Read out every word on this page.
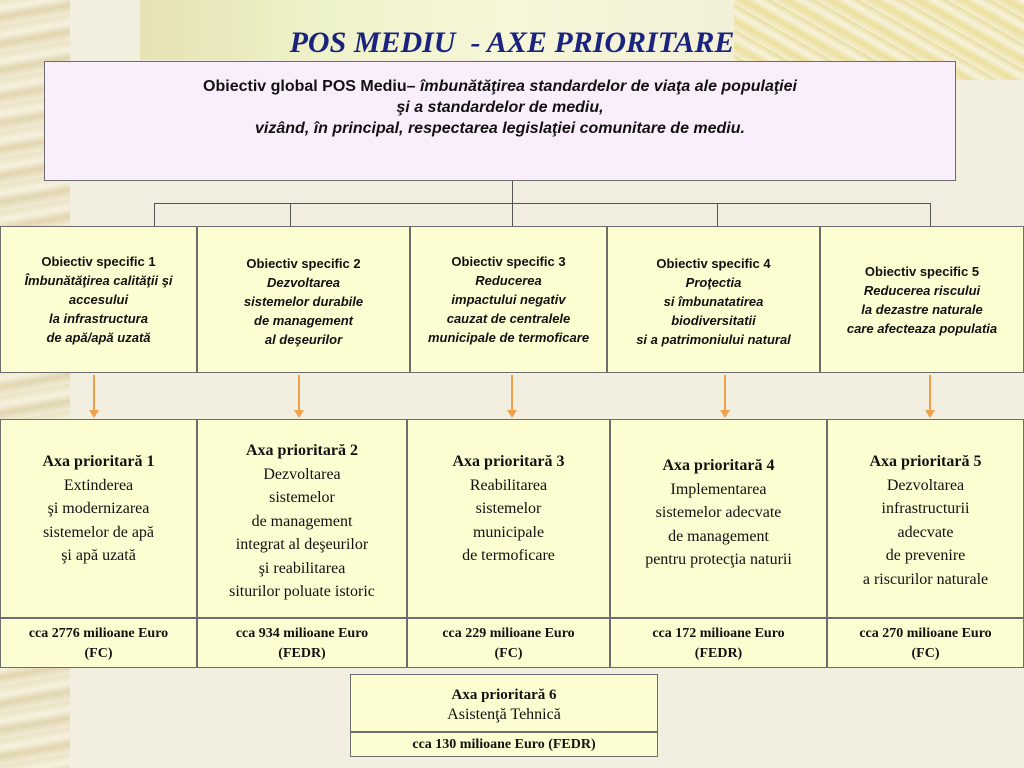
POS MEDIU  - AXE PRIORITARE
Obiectiv global POS Mediu– îmbunătăţirea standardelor de viaţa ale populaţiei
şi a standardelor de mediu,
vizând, în principal, respectarea legislaţiei comunitare de mediu.
Obiectiv specific 1
Îmbunătăţirea calităţii şi
accesului
la infrastructura
de apă/apă uzată
Obiectiv specific 2
Dezvoltarea
sistemelor durabile
de management
al deşeurilor
Obiectiv specific 3
Reducerea
impactului negativ
cauzat de centralele
municipale de termoficare
Obiectiv specific 4
Proţectia
si îmbunatatirea
biodiversitatii
si a patrimoniului natural
Obiectiv specific 5
Reducerea riscului
la dezastre naturale
care afecteaza populatia
Axa prioritară 1
Extinderea
şi modernizarea
sistemelor de apă
şi apă uzată
Axa prioritară 2
Dezvoltarea
sistemelor
de management
integrat al deşeurilor
şi reabilitarea
siturilor poluate istoric
Axa prioritară 3
Reabilitarea
sistemelor
municipale
de termoficare
Axa prioritară 4
Implementarea
sistemelor adecvate
de management
pentru protecţia naturii
Axa prioritară 5
Dezvoltarea
infrastructurii
adecvate
de prevenire
a riscurilor naturale
cca 2776 milioane Euro
(FC)
cca 934 milioane Euro
(FEDR)
cca 229 milioane Euro
(FC)
cca 172 milioane Euro
(FEDR)
cca 270 milioane Euro
(FC)
Axa prioritară 6
Asistenţă Tehnică
cca 130 milioane Euro (FEDR)
